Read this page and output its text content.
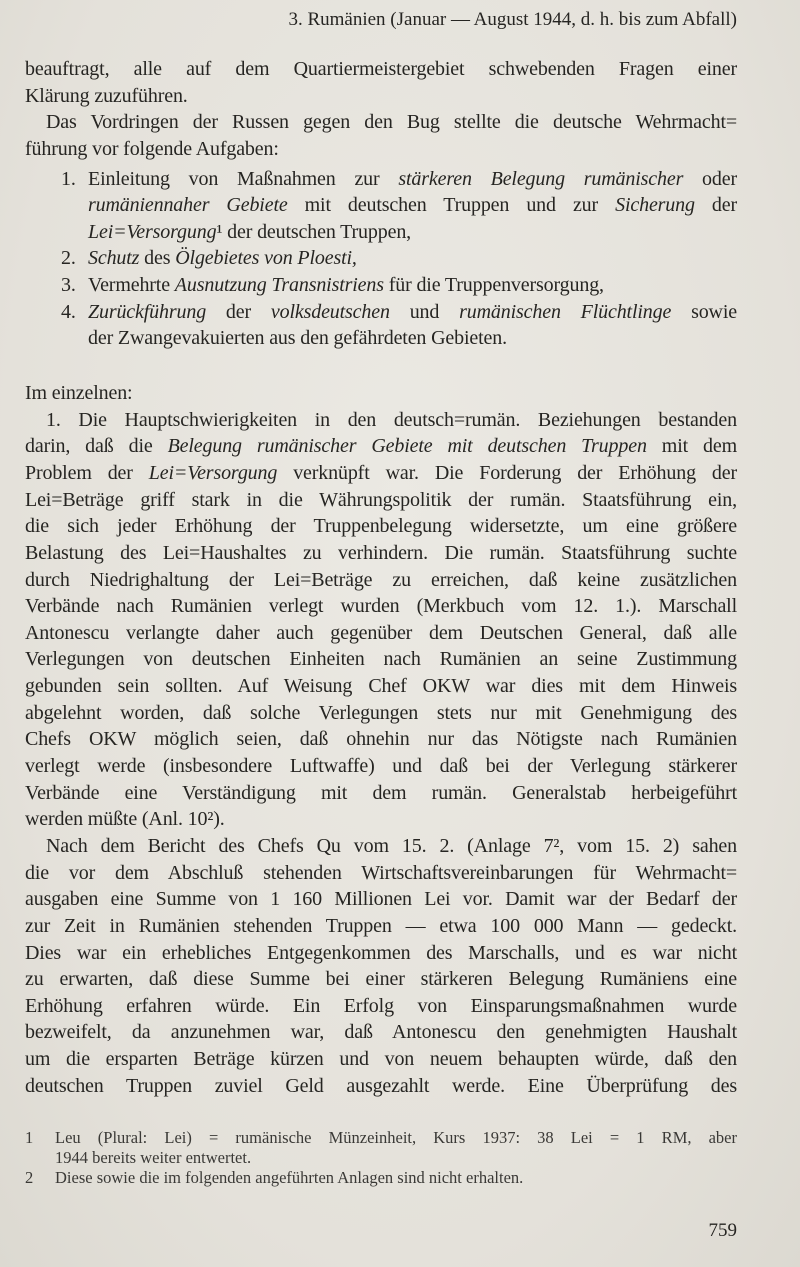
3. Rumänien (Januar — August 1944, d. h. bis zum Abfall)
beauftragt, alle auf dem Quartiermeistergebiet schwebenden Fragen einer
Klärung zuzuführen.
Das Vordringen der Russen gegen den Bug stellte die deutsche Wehrmacht=
führung vor folgende Aufgaben:
1. Einleitung von Maßnahmen zur stärkeren Belegung rumänischer oder
rumäniennaher Gebiete mit deutschen Truppen und zur Sicherung der
Lei=Versorgung¹ der deutschen Truppen,
2. Schutz des Ölgebietes von Ploesti,
3. Vermehrte Ausnutzung Transnistriens für die Truppenversorgung,
4. Zurückführung der volksdeutschen und rumänischen Flüchtlinge sowie
der Zwangevakuierten aus den gefährdeten Gebieten.
Im einzelnen:
1. Die Hauptschwierigkeiten in den deutsch=rumän. Beziehungen bestanden
darin, daß die Belegung rumänischer Gebiete mit deutschen Truppen mit dem
Problem der Lei=Versorgung verknüpft war. Die Forderung der Erhöhung der
Lei=Beträge griff stark in die Währungspolitik der rumän. Staatsführung ein,
die sich jeder Erhöhung der Truppenbelegung widersetzte, um eine größere
Belastung des Lei=Haushaltes zu verhindern. Die rumän. Staatsführung suchte
durch Niedrighaltung der Lei=Beträge zu erreichen, daß keine zusätzlichen
Verbände nach Rumänien verlegt wurden (Merkbuch vom 12. 1.). Marschall
Antonescu verlangte daher auch gegenüber dem Deutschen General, daß alle
Verlegungen von deutschen Einheiten nach Rumänien an seine Zustimmung
gebunden sein sollten. Auf Weisung Chef OKW war dies mit dem Hinweis
abgelehnt worden, daß solche Verlegungen stets nur mit Genehmigung des
Chefs OKW möglich seien, daß ohnehin nur das Nötigste nach Rumänien
verlegt werde (insbesondere Luftwaffe) und daß bei der Verlegung stärkerer
Verbände eine Verständigung mit dem rumän. Generalstab herbeigeführt
werden müßte (Anl. 10²).
Nach dem Bericht des Chefs Qu vom 15. 2. (Anlage 7², vom 15. 2) sahen
die vor dem Abschluß stehenden Wirtschaftsvereinbarungen für Wehrmacht=
ausgaben eine Summe von 1 160 Millionen Lei vor. Damit war der Bedarf der
zur Zeit in Rumänien stehenden Truppen — etwa 100 000 Mann — gedeckt.
Dies war ein erhebliches Entgegenkommen des Marschalls, und es war nicht
zu erwarten, daß diese Summe bei einer stärkeren Belegung Rumäniens eine
Erhöhung erfahren würde. Ein Erfolg von Einsparungsmaßnahmen wurde
bezweifelt, da anzunehmen war, daß Antonescu den genehmigten Haushalt
um die ersparten Beträge kürzen und von neuem behaupten würde, daß den
deutschen Truppen zuviel Geld ausgezahlt werde. Eine Überprüfung des
1	Leu (Plural: Lei) = rumänische Münzeinheit, Kurs 1937: 38 Lei = 1 RM, aber
1944 bereits weiter entwertet.
2	Diese sowie die im folgenden angeführten Anlagen sind nicht erhalten.
759
